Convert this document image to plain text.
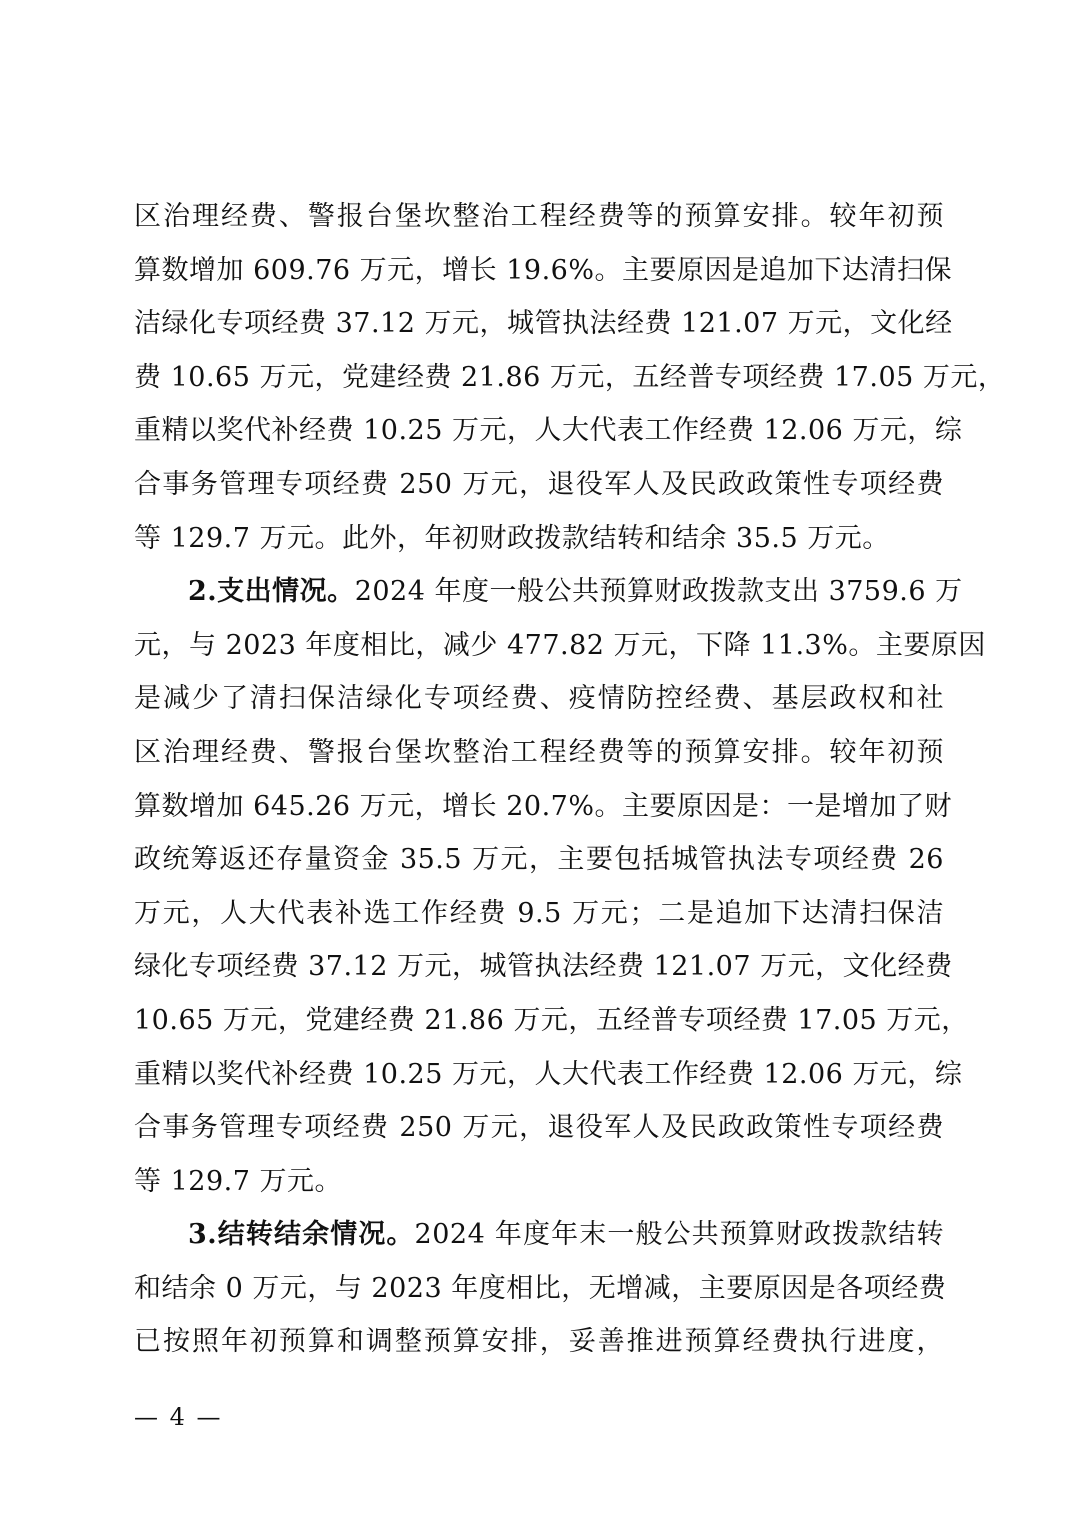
区治理经费、警报台堡坎整治工程经费等的预算安排。较年初预
算数增加 609.76 万元，增长 19.6%。主要原因是追加下达清扫保
洁绿化专项经费 37.12 万元，城管执法经费 121.07 万元，文化经
费 10.65 万元，党建经费 21.86 万元，五经普专项经费 17.05 万元，
重精以奖代补经费 10.25 万元，人大代表工作经费 12.06 万元，综
合事务管理专项经费 250 万元，退役军人及民政政策性专项经费
等 129.7 万元。此外，年初财政拨款结转和结余 35.5 万元。
2.支出情况。2024 年度一般公共预算财政拨款支出 3759.6 万
元，与 2023 年度相比，减少 477.82 万元，下降 11.3%。主要原因
是减少了清扫保洁绿化专项经费、疫情防控经费、基层政权和社
区治理经费、警报台堡坎整治工程经费等的预算安排。较年初预
算数增加 645.26 万元，增长 20.7%。主要原因是：一是增加了财
政统筹返还存量资金 35.5 万元，主要包括城管执法专项经费 26
万元，人大代表补选工作经费 9.5 万元；二是追加下达清扫保洁
绿化专项经费 37.12 万元，城管执法经费 121.07 万元，文化经费
10.65 万元，党建经费 21.86 万元，五经普专项经费 17.05 万元，
重精以奖代补经费 10.25 万元，人大代表工作经费 12.06 万元，综
合事务管理专项经费 250 万元，退役军人及民政政策性专项经费
等 129.7 万元。
3.结转结余情况。2024 年度年末一般公共预算财政拨款结转
和结余 0 万元，与 2023 年度相比，无增减，主要原因是各项经费
已按照年初预算和调整预算安排，妥善推进预算经费执行进度，
— 4 —
